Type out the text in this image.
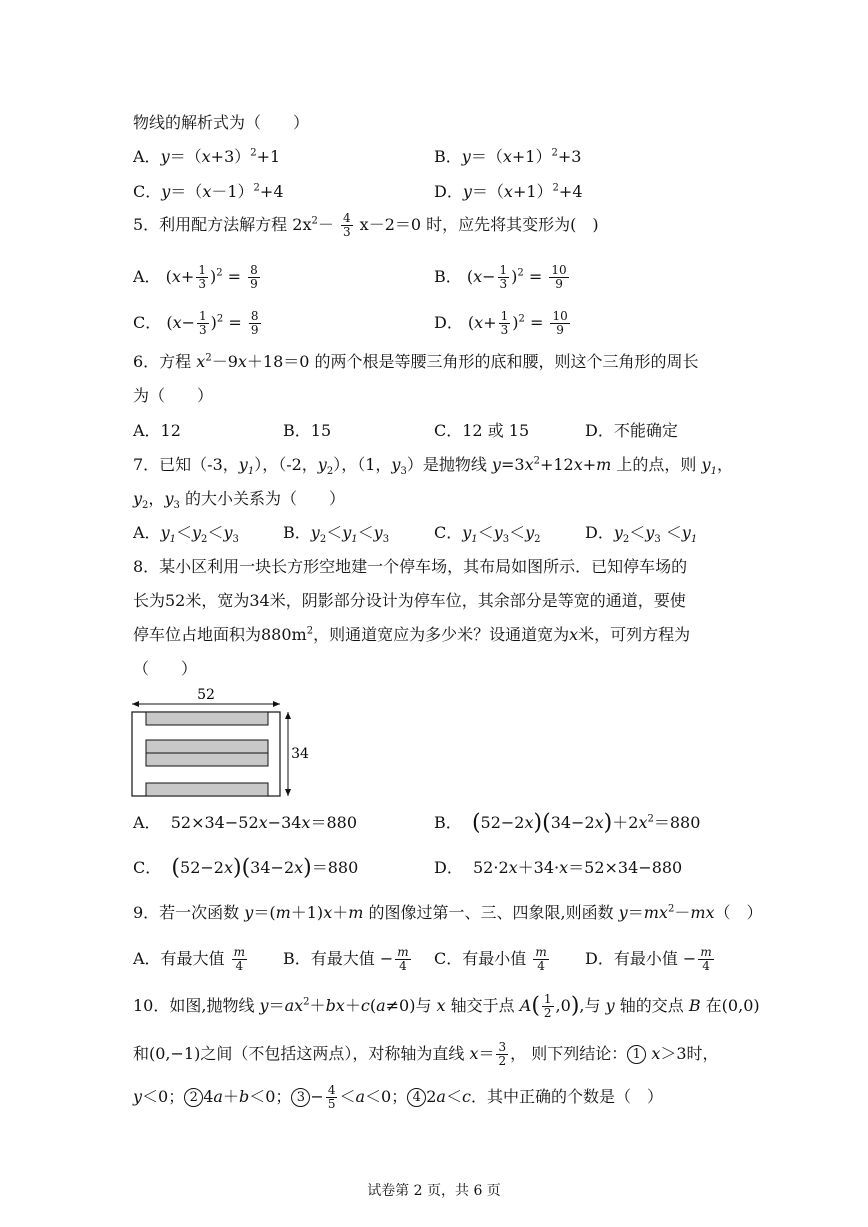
物线的解析式为（　　）
A．$y=(x+3)^2+1$	B．$y=(x+1)^2+3$
C．$y=(x-1)^2+4$	D．$y=(x+1)^2+4$
5．利用配方法解方程 $2x^2- \frac{4}{3} x-2=0$ 时，应先将其变形为(　)
A． $(x+ \frac{1}{3} )^2 = \frac{8}{9}$	B． $(x- \frac{1}{3} )^2 = \frac{10}{9}$
C． $(x- \frac{1}{3} )^2 = \frac{8}{9}$	D． $(x+ \frac{1}{3} )^2 = \frac{10}{9}$
6．方程 $x^2-9x+18=0$ 的两个根是等腰三角形的底和腰，则这个三角形的周长
为（　　）
A．12	B．15	C．12 或 15	D．不能确定
7．已知（-3，$y_1$），（-2，$y_2$），（1，$y_3$）是抛物线 $y=3x^2+12x+m$ 上的点，则 $y_1$，
$y_2$，$y_3$ 的大小关系为（　　）
A．$y_1<y_2<y_3$	B．$y_2<y_1<y_3$	C．$y_1<y_3<y_2$	D．$y_2<y_3 <y_1$
8．某小区利用一块长方形空地建一个停车场，其布局如图所示．已知停车场的
长为52米，宽为34米，阴影部分设计为停车位，其余部分是等宽的通道，要使
停车位占地面积为$880m^2$，则通道宽应为多少米？设通道宽为x米，可列方程为
（　　）
52
34
A．  52×34−52x−34x＝880	B．  $(52-2x)(34-2x)+2x^2=880$
C．  (52−2x)(34−2x)＝880	D．  52·2x＋34·x＝52×34−880
9．若一次函数 y＝(m＋1)x＋m 的图像过第一、三、四象限,则函数 $y=mx^2-mx$（　）
A．有最大值 $\frac{m}{4}$ B．有最大值 − $\frac{m}{4}$ C．有最小值 $\frac{m}{4}$ D．有最小值 − $\frac{m}{4}$
10．如图,抛物线 $y=ax^2+bx+c(a\ne 0)$与 x 轴交于点 $A( \frac{1}{2} ,0)$,与 y 轴的交点 B 在(0,0)
和(0,−1)之间（不包括这两点），对称轴为直线 $x= \frac{3}{2}$ ， 则下列结论： 1 x＞3时，
y＜0； 2 4a＋b＜0； $3 - \frac{4}{5} <a<0$； 4 2a＜c．其中正确的个数是（　）
试卷第 2 页，共 6 页
